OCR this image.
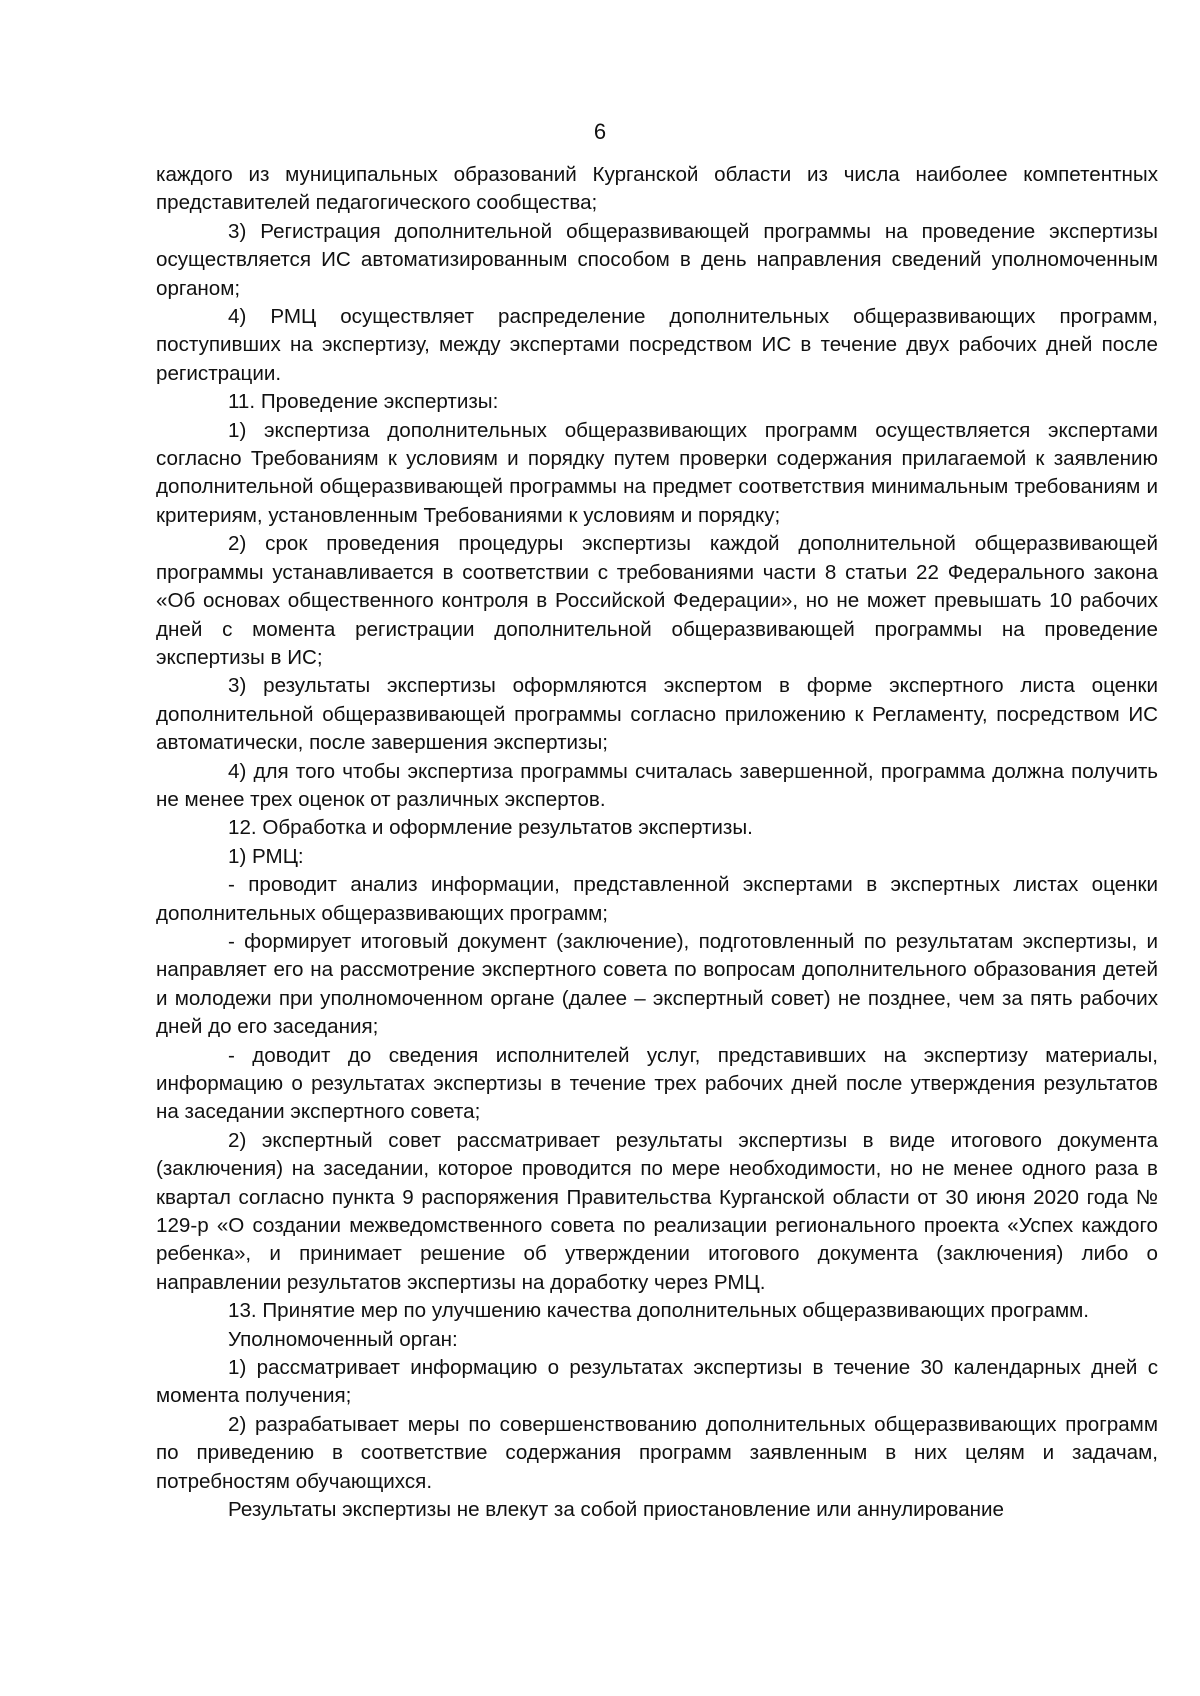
6

каждого из муниципальных образований Курганской области из числа наиболее компетентных представителей педагогического сообщества;

3) Регистрация дополнительной общеразвивающей программы на проведение экспертизы осуществляется ИС автоматизированным способом в день направления сведений уполномоченным органом;

4) РМЦ осуществляет распределение дополнительных общеразвивающих программ, поступивших на экспертизу, между экспертами посредством ИС в течение двух рабочих дней после регистрации.

11. Проведение экспертизы:

1) экспертиза дополнительных общеразвивающих программ осуществляется экспертами согласно Требованиям к условиям и порядку путем проверки содержания прилагаемой к заявлению дополнительной общеразвивающей программы на предмет соответствия минимальным требованиям и критериям, установленным Требованиями к условиям и порядку;

2) срок проведения процедуры экспертизы каждой дополнительной общеразвивающей программы устанавливается в соответствии с требованиями части 8 статьи 22 Федерального закона «Об основах общественного контроля в Российской Федерации», но не может превышать 10 рабочих дней с момента регистрации дополнительной общеразвивающей программы на проведение экспертизы в ИС;

3) результаты экспертизы оформляются экспертом в форме экспертного листа оценки дополнительной общеразвивающей программы согласно приложению к Регламенту, посредством ИС автоматически, после завершения экспертизы;

4) для того чтобы экспертиза программы считалась завершенной, программа должна получить не менее трех оценок от различных экспертов.

12. Обработка и оформление результатов экспертизы.

1) РМЦ:

- проводит анализ информации, представленной экспертами в экспертных листах оценки дополнительных общеразвивающих программ;

- формирует итоговый документ (заключение), подготовленный по результатам экспертизы, и направляет его на рассмотрение экспертного совета по вопросам дополнительного образования детей и молодежи при уполномоченном органе (далее – экспертный совет) не позднее, чем за пять рабочих дней до его заседания;

- доводит до сведения исполнителей услуг, представивших на экспертизу материалы, информацию о результатах экспертизы в течение трех рабочих дней после утверждения результатов на заседании экспертного совета;

2) экспертный совет рассматривает результаты экспертизы в виде итогового документа (заключения) на заседании, которое проводится по мере необходимости, но не менее одного раза в квартал согласно пункта 9 распоряжения Правительства Курганской области от 30 июня 2020 года № 129-р «О создании межведомственного совета по реализации регионального проекта «Успех каждого ребенка», и принимает решение об утверждении итогового документа (заключения) либо о направлении результатов экспертизы на доработку через РМЦ.

13. Принятие мер по улучшению качества дополнительных общеразвивающих программ.

Уполномоченный орган:

1) рассматривает информацию о результатах экспертизы в течение 30 календарных дней с момента получения;

2) разрабатывает меры по совершенствованию дополнительных общеразвивающих программ по приведению в соответствие содержания программ заявленным в них целям и задачам, потребностям обучающихся.

Результаты экспертизы не влекут за собой приостановление или аннулирование
